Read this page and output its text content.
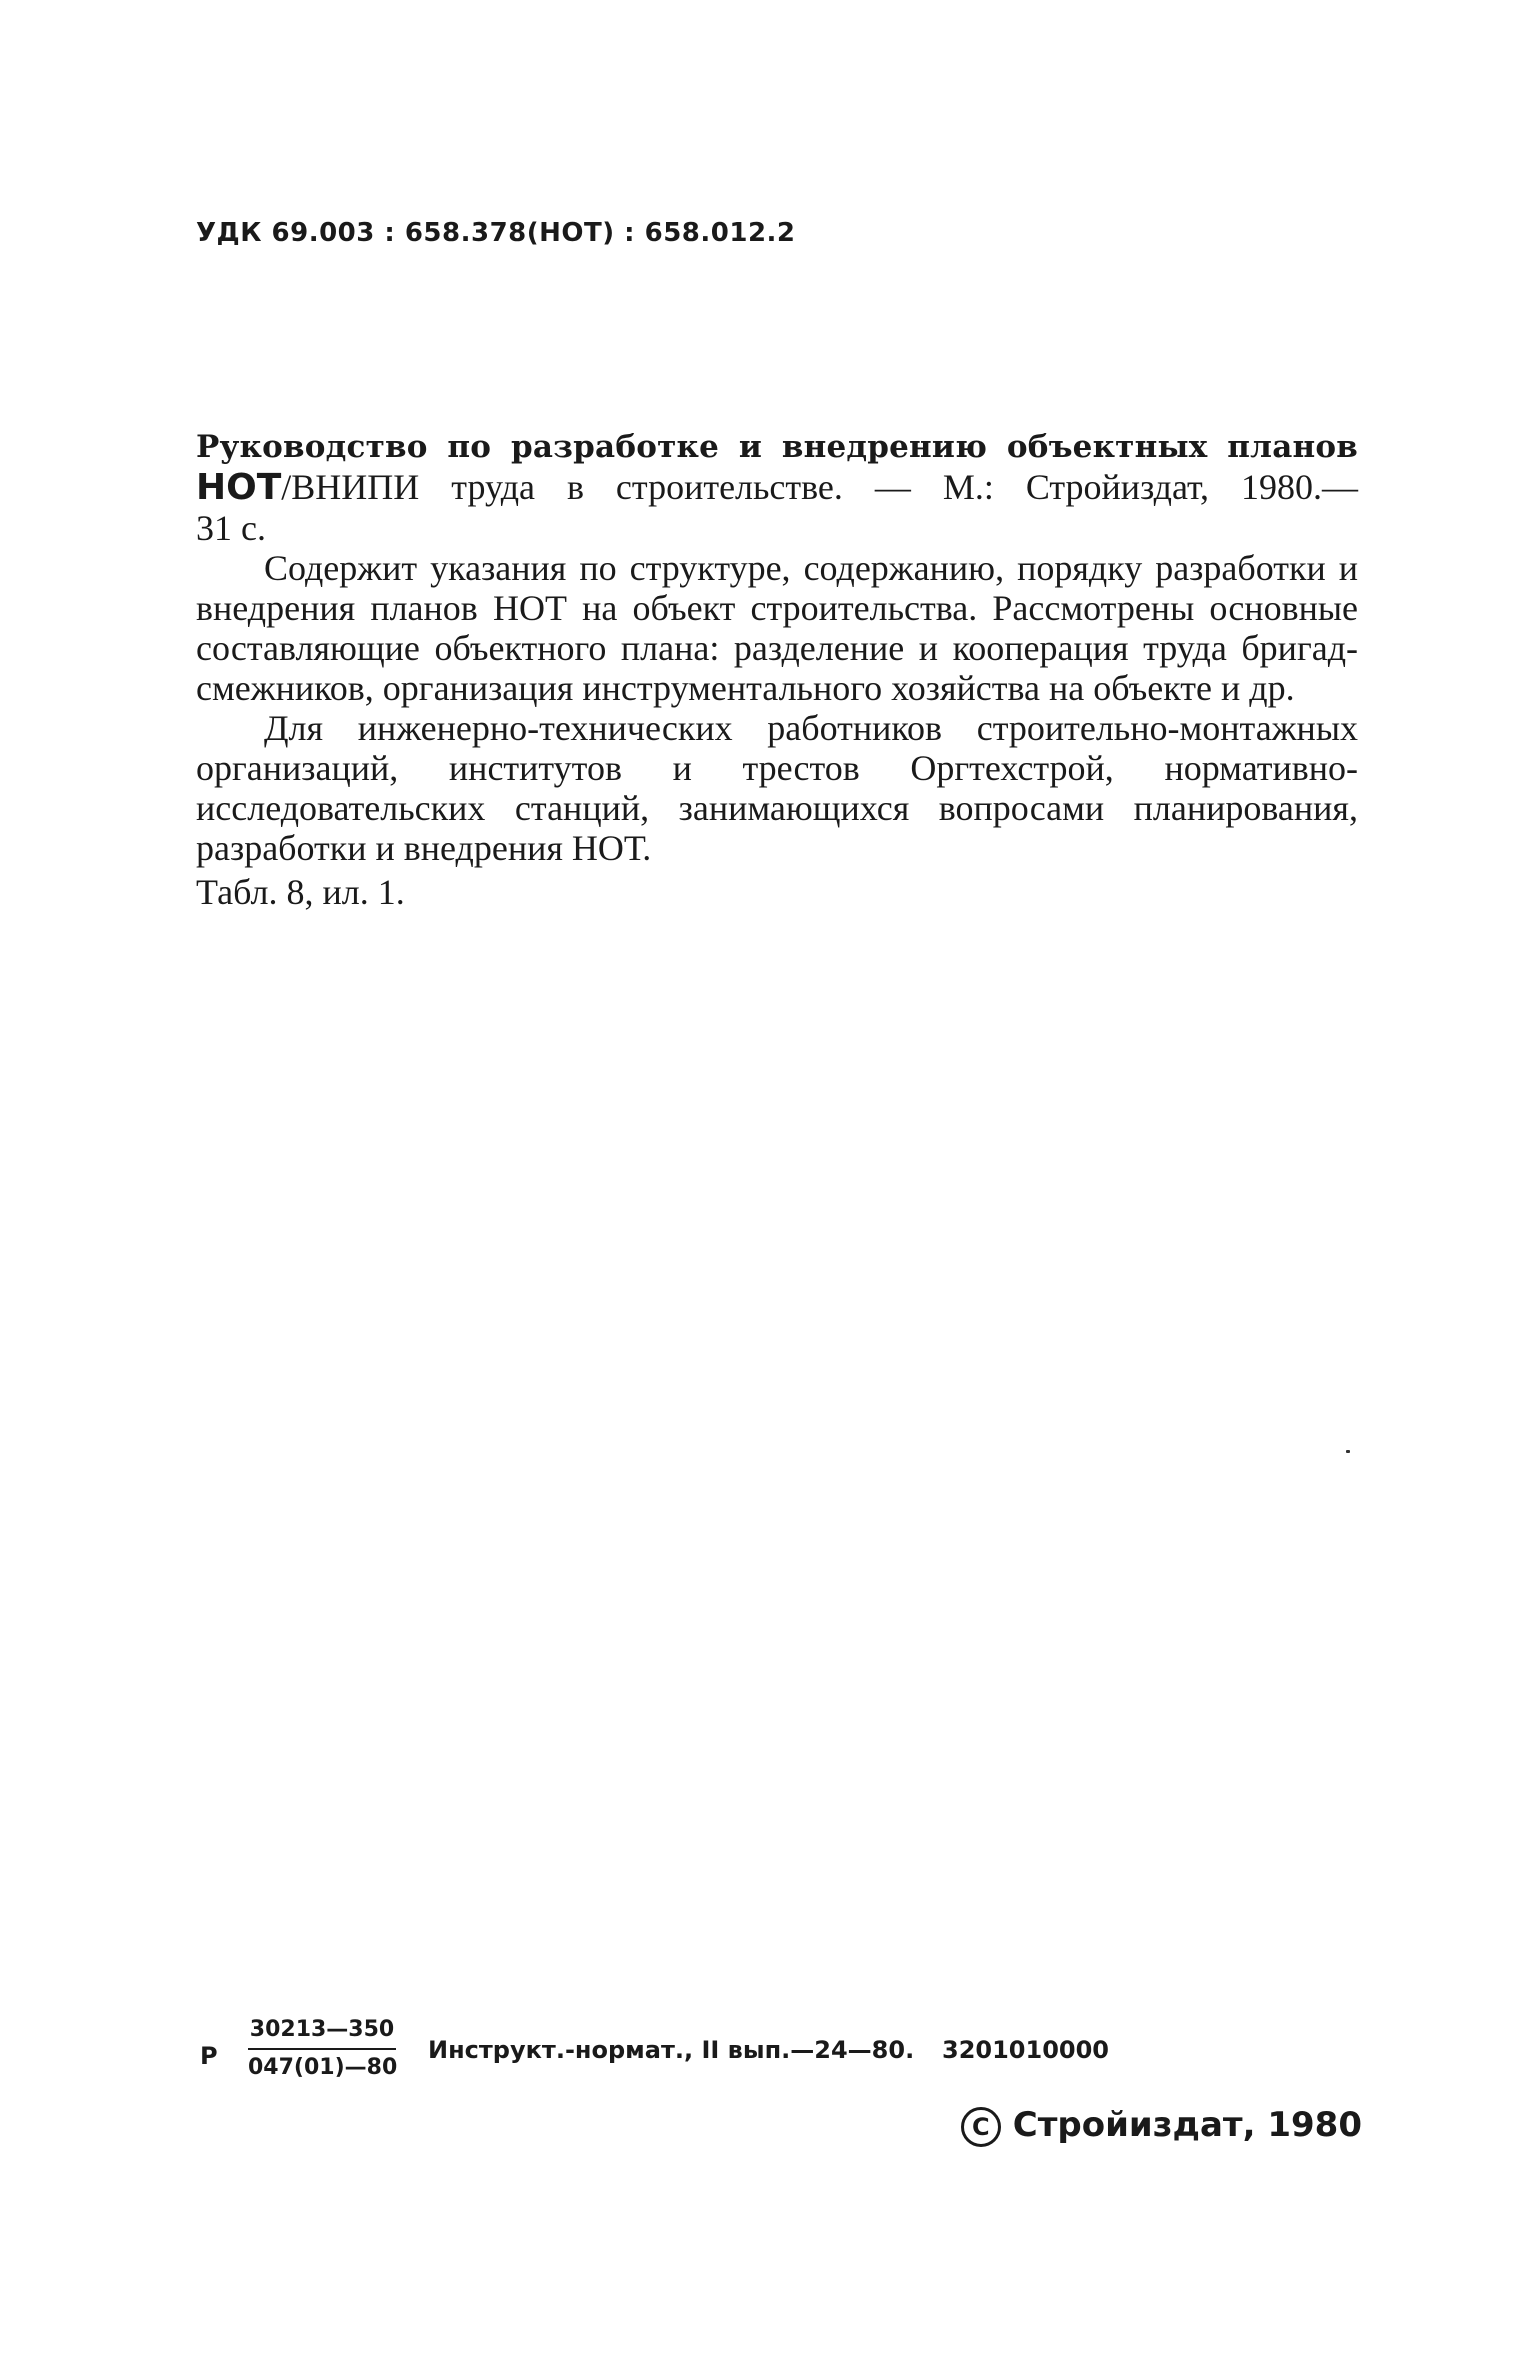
УДК 69.003 : 658.378(НОТ) : 658.012.2

Руководство по разработке и внедрению объектных планов

НОТ/ВНИПИ труда в строительстве. — М.: Стройиздат, 1980.—

31 с.

Содержит указания по структуре, содержанию, порядку разработки и внедрения планов НОТ на объект строительства. Рассмотрены основные составляющие объектного плана: разделение и кооперация труда бригад-смежников, организация инструментального хозяйства на объекте и др.

Для инженерно-технических работников строительно-монтажных организаций, институтов и трестов Оргтехстрой, нормативно-исследовательских станций, занимающихся вопросами планирования, разработки и внедрения НОТ.

Табл. 8, ил. 1.
Р
30213—350
047(01)—80
Инструкт.-нормат., II вып.—24—80. 3201010000
C Стройиздат, 1980
